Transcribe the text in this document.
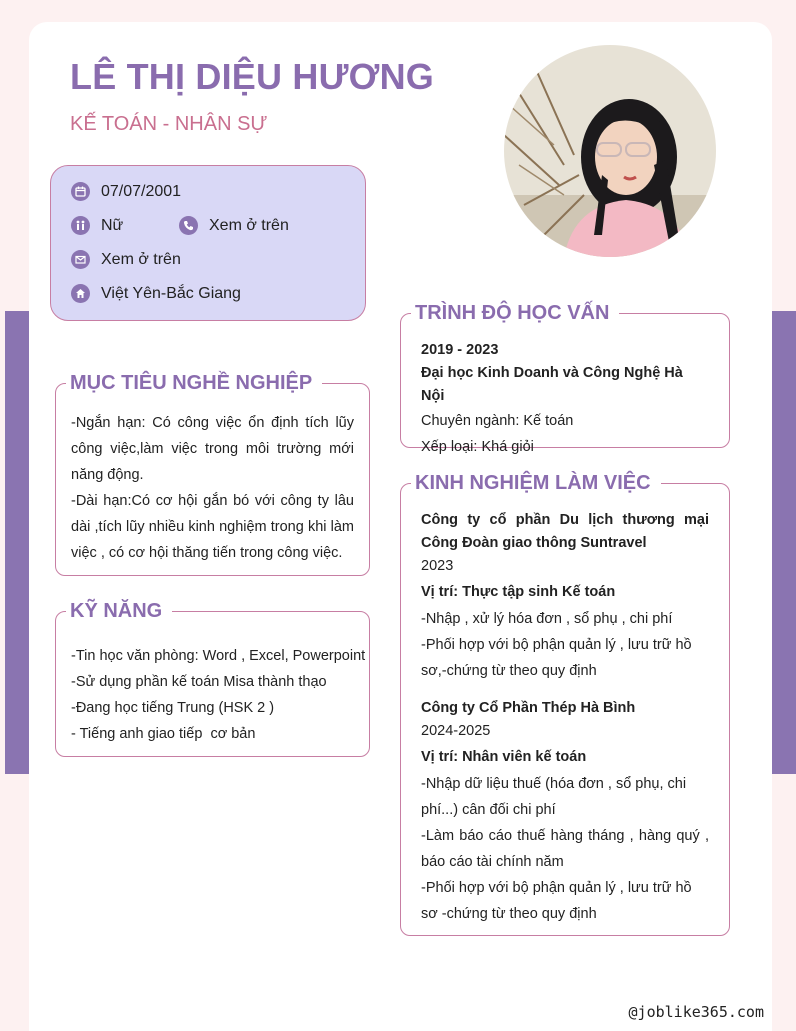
LÊ THỊ DIỆU HƯƠNG
KẾ TOÁN - NHÂN SỰ
07/07/2001
Nữ	Xem ở trên
Xem ở trên
Việt Yên-Bắc Giang
MỤC TIÊU NGHỀ NGHIỆP

-Ngắn hạn: Có công việc ổn định tích lũy công việc,làm việc trong môi trường mới năng động.

-Dài hạn:Có cơ hội gắn bó với công ty lâu dài ,tích lũy nhiều kinh nghiệm trong khi làm việc , có cơ hội thăng tiến trong công việc.

KỸ NĂNG
-Tin học văn phòng: Word , Excel, Powerpoint
-Sử dụng phần kế toán Misa thành thạo
-Đang học tiếng Trung (HSK 2 )
- Tiếng anh giao tiếp  cơ bản
TRÌNH ĐỘ HỌC VẤN
2019 - 2023
Đại học Kinh Doanh và Công Nghệ Hà Nội
Chuyên ngành: Kế toán
Xếp loại: Khá giỏi
KINH NGHIỆM LÀM VIỆC
Công ty cổ phần Du lịch thương mại Công Đoàn giao thông Suntravel
2023
Vị trí: Thực tập sinh Kế toán
-Nhập , xử lý hóa đơn , sổ phụ , chi phí
-Phối hợp với bộ phận quản lý , lưu trữ hồ sơ,-chứng từ theo quy định
Công ty Cổ Phần Thép Hà Bình
2024-2025
Vị trí: Nhân viên kế toán
-Nhập dữ liệu thuế (hóa đơn , sổ phụ, chi phí...) cân đối chi phí
-Làm báo cáo thuế hàng tháng , hàng quý , báo cáo tài chính năm
-Phối hợp với bộ phận quản lý , lưu trữ hồ sơ -chứng từ theo quy định
@joblike365.com
